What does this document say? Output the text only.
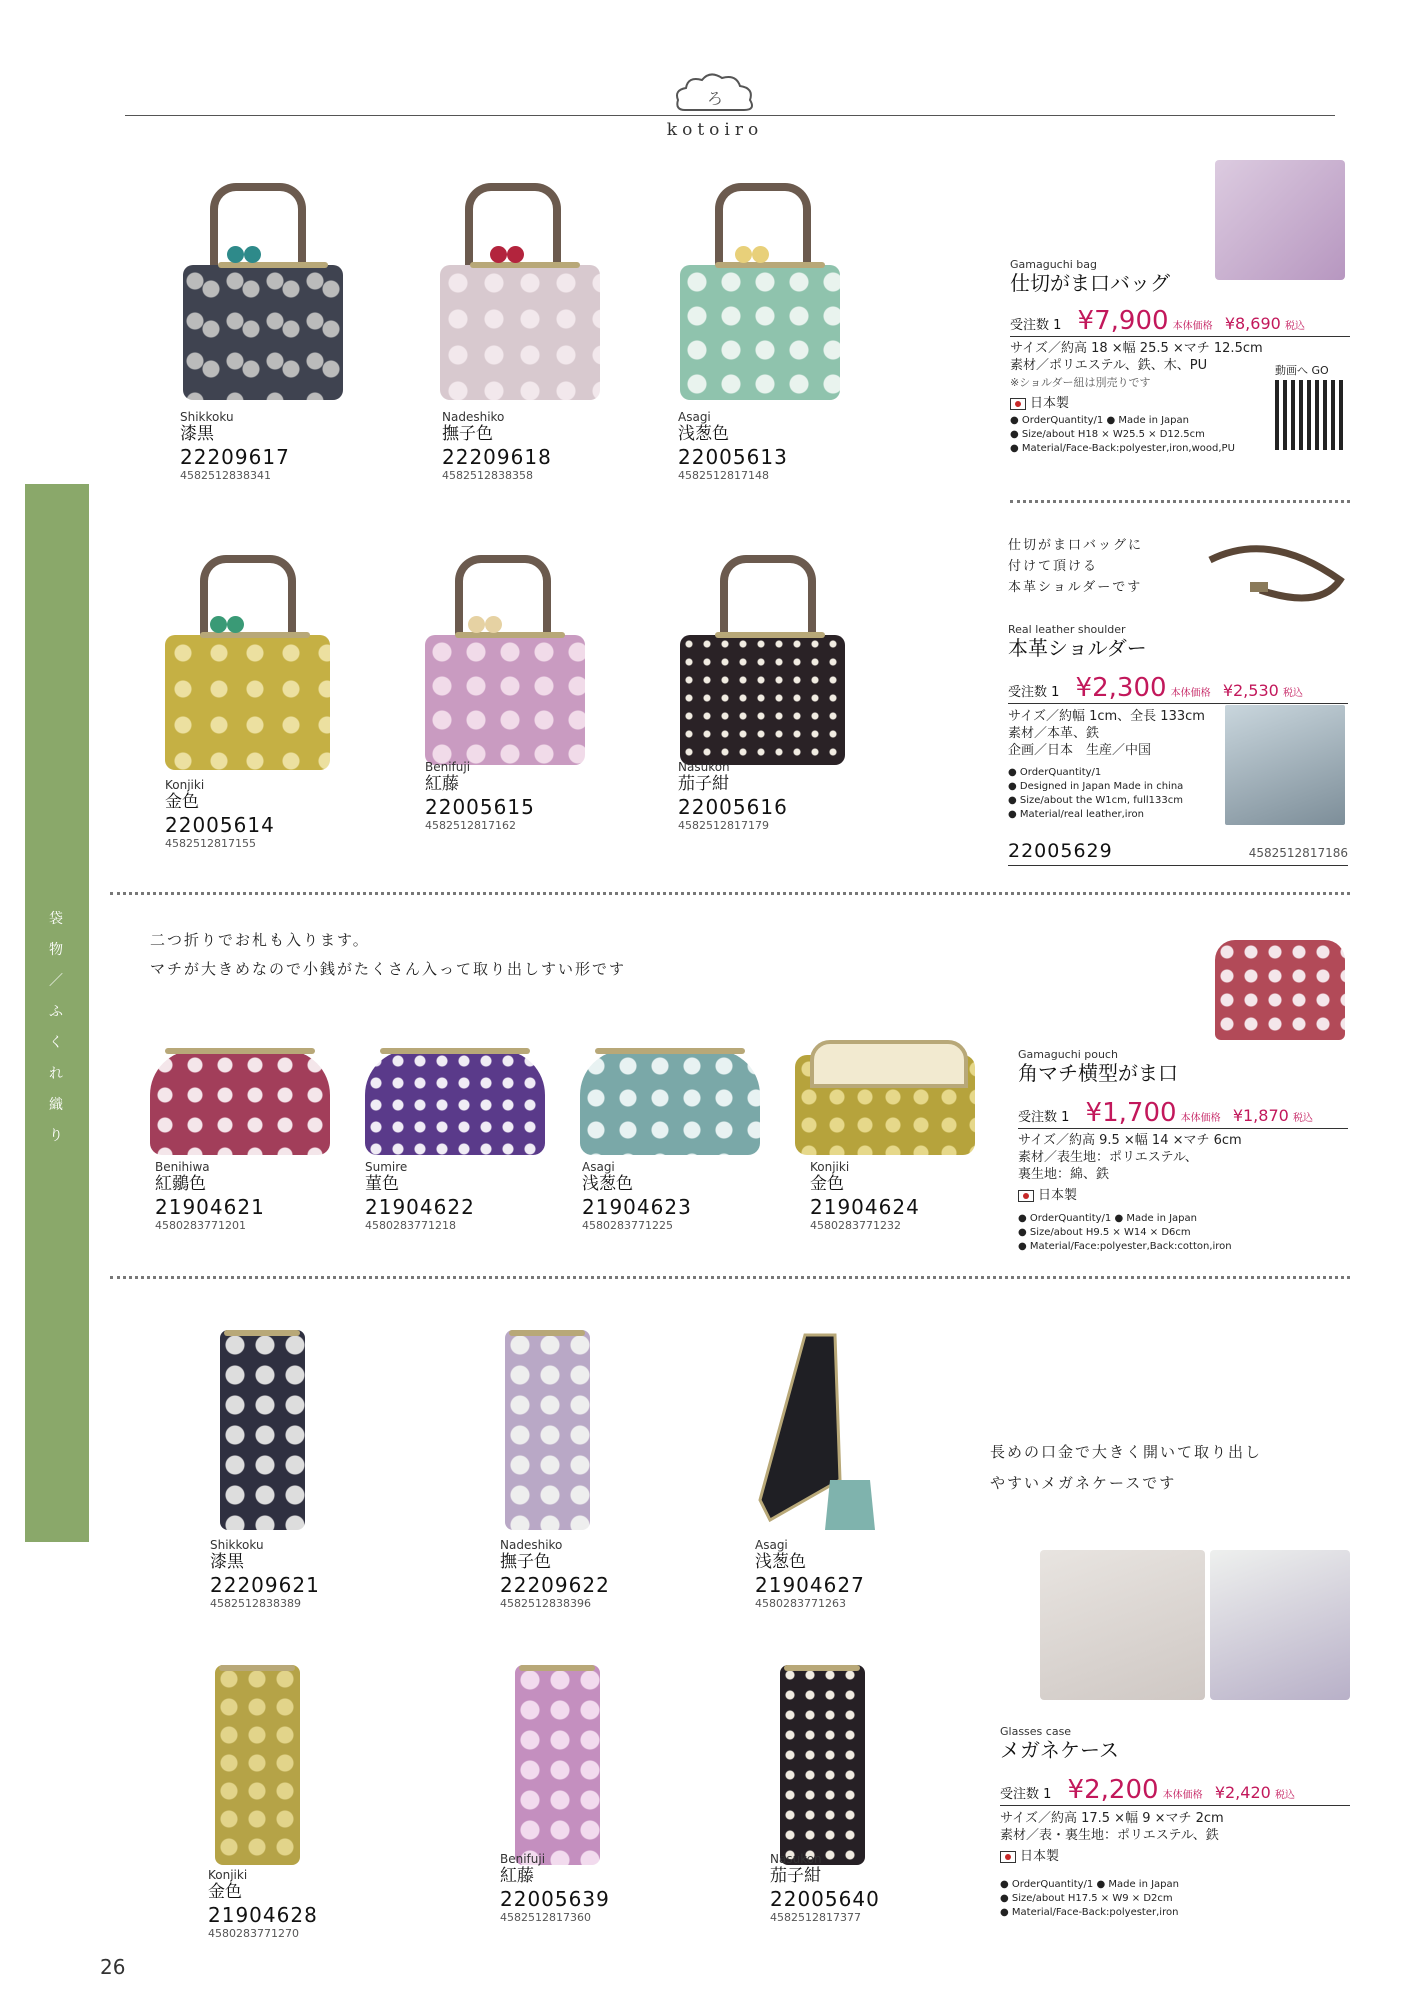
ろ
kotoiro
袋
物
／
ふ
く
れ
織
り
Shikkoku
漆黒
22209617
4582512838341
Nadeshiko
撫子色
22209618
4582512838358
Asagi
浅葱色
22005613
4582512817148
Konjiki
金色
22005614
4582512817155
Benifuji
紅藤
22005615
4582512817162
Nasukon
茄子紺
22005616
4582512817179
Gamaguchi bag
仕切がま口バッグ
受注数 1 ¥7,900 本体価格 ¥8,690 税込
サイズ／約高 18 ×幅 25.5 ×マチ 12.5cm
素材／ポリエステル、鉄、木、PU
※ショルダー紐は別売りです
日本製
動画へ GO
● OrderQuantity/1 ● Made in Japan
● Size/about H18 × W25.5 × D12.5cm
● Material/Face-Back:polyester,iron,wood,PU
仕切がま口バッグに
付けて頂ける
本革ショルダーです
Real leather shoulder
本革ショルダー
受注数 1 ¥2,300 本体価格 ¥2,530 税込
サイズ／約幅 1cm、全長 133cm
素材／本革、鉄
企画／日本　生産／中国
● OrderQuantity/1
● Designed in Japan Made in china
● Size/about the W1cm, full133cm
● Material/real leather,iron
22005629	4582512817186
二つ折りでお札も入ります。
マチが大きめなので小銭がたくさん入って取り出しすい形です
Benihiwa
紅鶸色
21904621
4580283771201
Sumire
菫色
21904622
4580283771218
Asagi
浅葱色
21904623
4580283771225
Konjiki
金色
21904624
4580283771232
Gamaguchi pouch
角マチ横型がま口
受注数 1 ¥1,700 本体価格 ¥1,870 税込
サイズ／約高 9.5 ×幅 14 ×マチ 6cm
素材／表生地：ポリエステル、
裏生地：綿、鉄
日本製
● OrderQuantity/1 ● Made in Japan
● Size/about H9.5 × W14 × D6cm
● Material/Face:polyester,Back:cotton,iron
Shikkoku
漆黒
22209621
4582512838389
Nadeshiko
撫子色
22209622
4582512838396
Asagi
浅葱色
21904627
4580283771263
Konjiki
金色
21904628
4580283771270
Benifuji
紅藤
22005639
4582512817360
Nasukon
茄子紺
22005640
4582512817377
長めの口金で大きく開いて取り出し
やすいメガネケースです
Glasses case
メガネケース
受注数 1 ¥2,200 本体価格 ¥2,420 税込
サイズ／約高 17.5 ×幅 9 ×マチ 2cm
素材／表・裏生地：ポリエステル、鉄
日本製
● OrderQuantity/1 ● Made in Japan
● Size/about H17.5 × W9 × D2cm
● Material/Face-Back:polyester,iron
26
